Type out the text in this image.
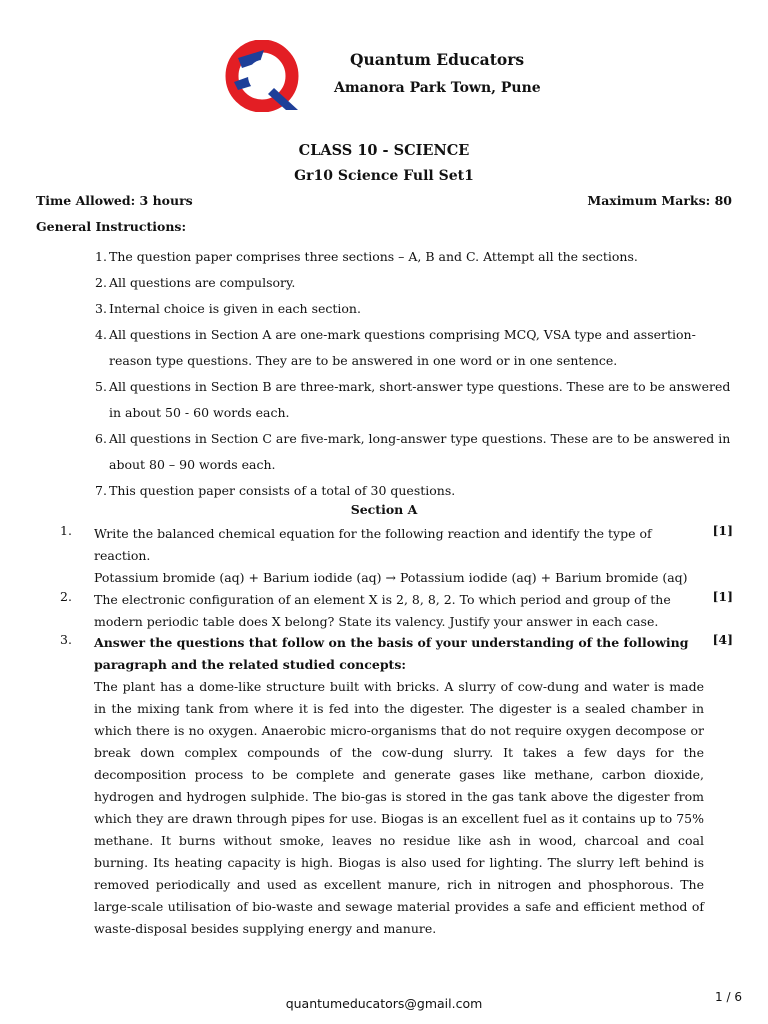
Quantum Educators
Amanora Park Town, Pune
CLASS 10 - SCIENCE
Gr10 Science Full Set1
Time Allowed: 3 hours	Maximum Marks: 80
General Instructions:
1. The question paper comprises three sections – A, B and C. Attempt all the sections.
2. All questions are compulsory.
3. Internal choice is given in each section.
4. All questions in Section A are one-mark questions comprising MCQ, VSA type and assertion-reason type questions. They are to be answered in one word or in one sentence.
5. All questions in Section B are three-mark, short-answer type questions. These are to be answered in about 50 - 60 words each.
6. All questions in Section C are five-mark, long-answer type questions. These are to be answered in about 80 – 90 words each.
7. This question paper consists of a total of 30 questions.
Section A
1. Write the balanced chemical equation for the following reaction and identify the type of reaction.

Potassium bromide (aq) + Barium iodide (aq) → Potassium iodide (aq) + Barium bromide (aq)

[1]
2. The electronic configuration of an element X is 2, 8, 8, 2. To which period and group of the modern periodic table does X belong? State its valency. Justify your answer in each case.

[1]
3. Answer the questions that follow on the basis of your understanding of the following paragraph and the related studied concepts:

The plant has a dome-like structure built with bricks. A slurry of cow-dung and water is made in the mixing tank from where it is fed into the digester. The digester is a sealed chamber in which there is no oxygen. Anaerobic micro-organisms that do not require oxygen decompose or break down complex compounds of the cow-dung slurry. It takes a few days for the decomposition process to be complete and generate gases like methane, carbon dioxide, hydrogen and hydrogen sulphide. The bio-gas is stored in the gas tank above the digester from which they are drawn through pipes for use. Biogas is an excellent fuel as it contains up to 75% methane. It burns without smoke, leaves no residue like ash in wood, charcoal and coal burning. Its heating capacity is high. Biogas is also used for lighting. The slurry left behind is removed periodically and used as excellent manure, rich in nitrogen and phosphorous. The large-scale utilisation of bio-waste and sewage material provides a safe and efficient method of waste-disposal besides supplying energy and manure.

[4]
quantumeducators@gmail.com	1 / 6
